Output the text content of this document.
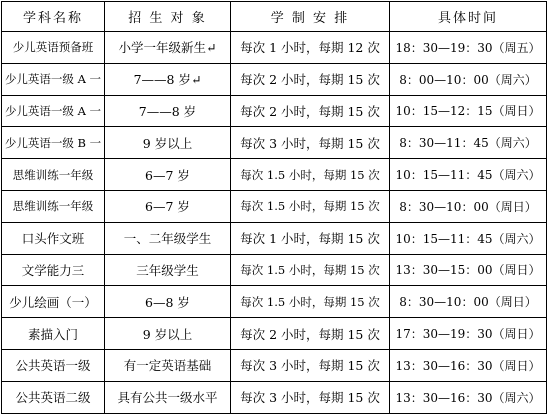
学科名称	招 生 对 象	学 制 安 排	具体时间
少儿英语预备班	小学一年级新生↵	每次 1 小时，每期 12 次	18：30—19：30（周五）
少儿英语一级 A 一	7——8 岁↵	每次 2 小时，每期 15 次	8：00—10：00（周六）
少儿英语一级 A 一	7——8 岁	每次 2 小时，每期 15 次	10：15—12：15（周日）
少儿英语一级 B 一	9 岁以上	每次 3 小时，每期 15 次	8：30—11：45（周六）
思维训练一年级	6—7 岁	每次 1.5 小时，每期 15 次	10：15—11：45（周六）
思维训练一年级	6—7 岁	每次 1.5 小时，每期 15 次	8：30—10：00（周日）
口头作文班	一、二年级学生	每次 1 小时，每期 15 次	10：15—11：45（周六）
文学能力三	三年级学生	每次 1.5 小时，每期 15 次	13：30—15：00（周日）
少儿绘画（一）	6—8 岁	每次 1.5 小时，每期 15 次	8：30—10：00（周日）
素描入门	9 岁以上	每次 2 小时，每期 15 次	17：30—19：30（周日）
公共英语一级	有一定英语基础	每次 3 小时，每期 15 次	13：30—16：30（周日）
公共英语二级	具有公共一级水平	每次 3 小时，每期 15 次	13：30—16：30（周六）
